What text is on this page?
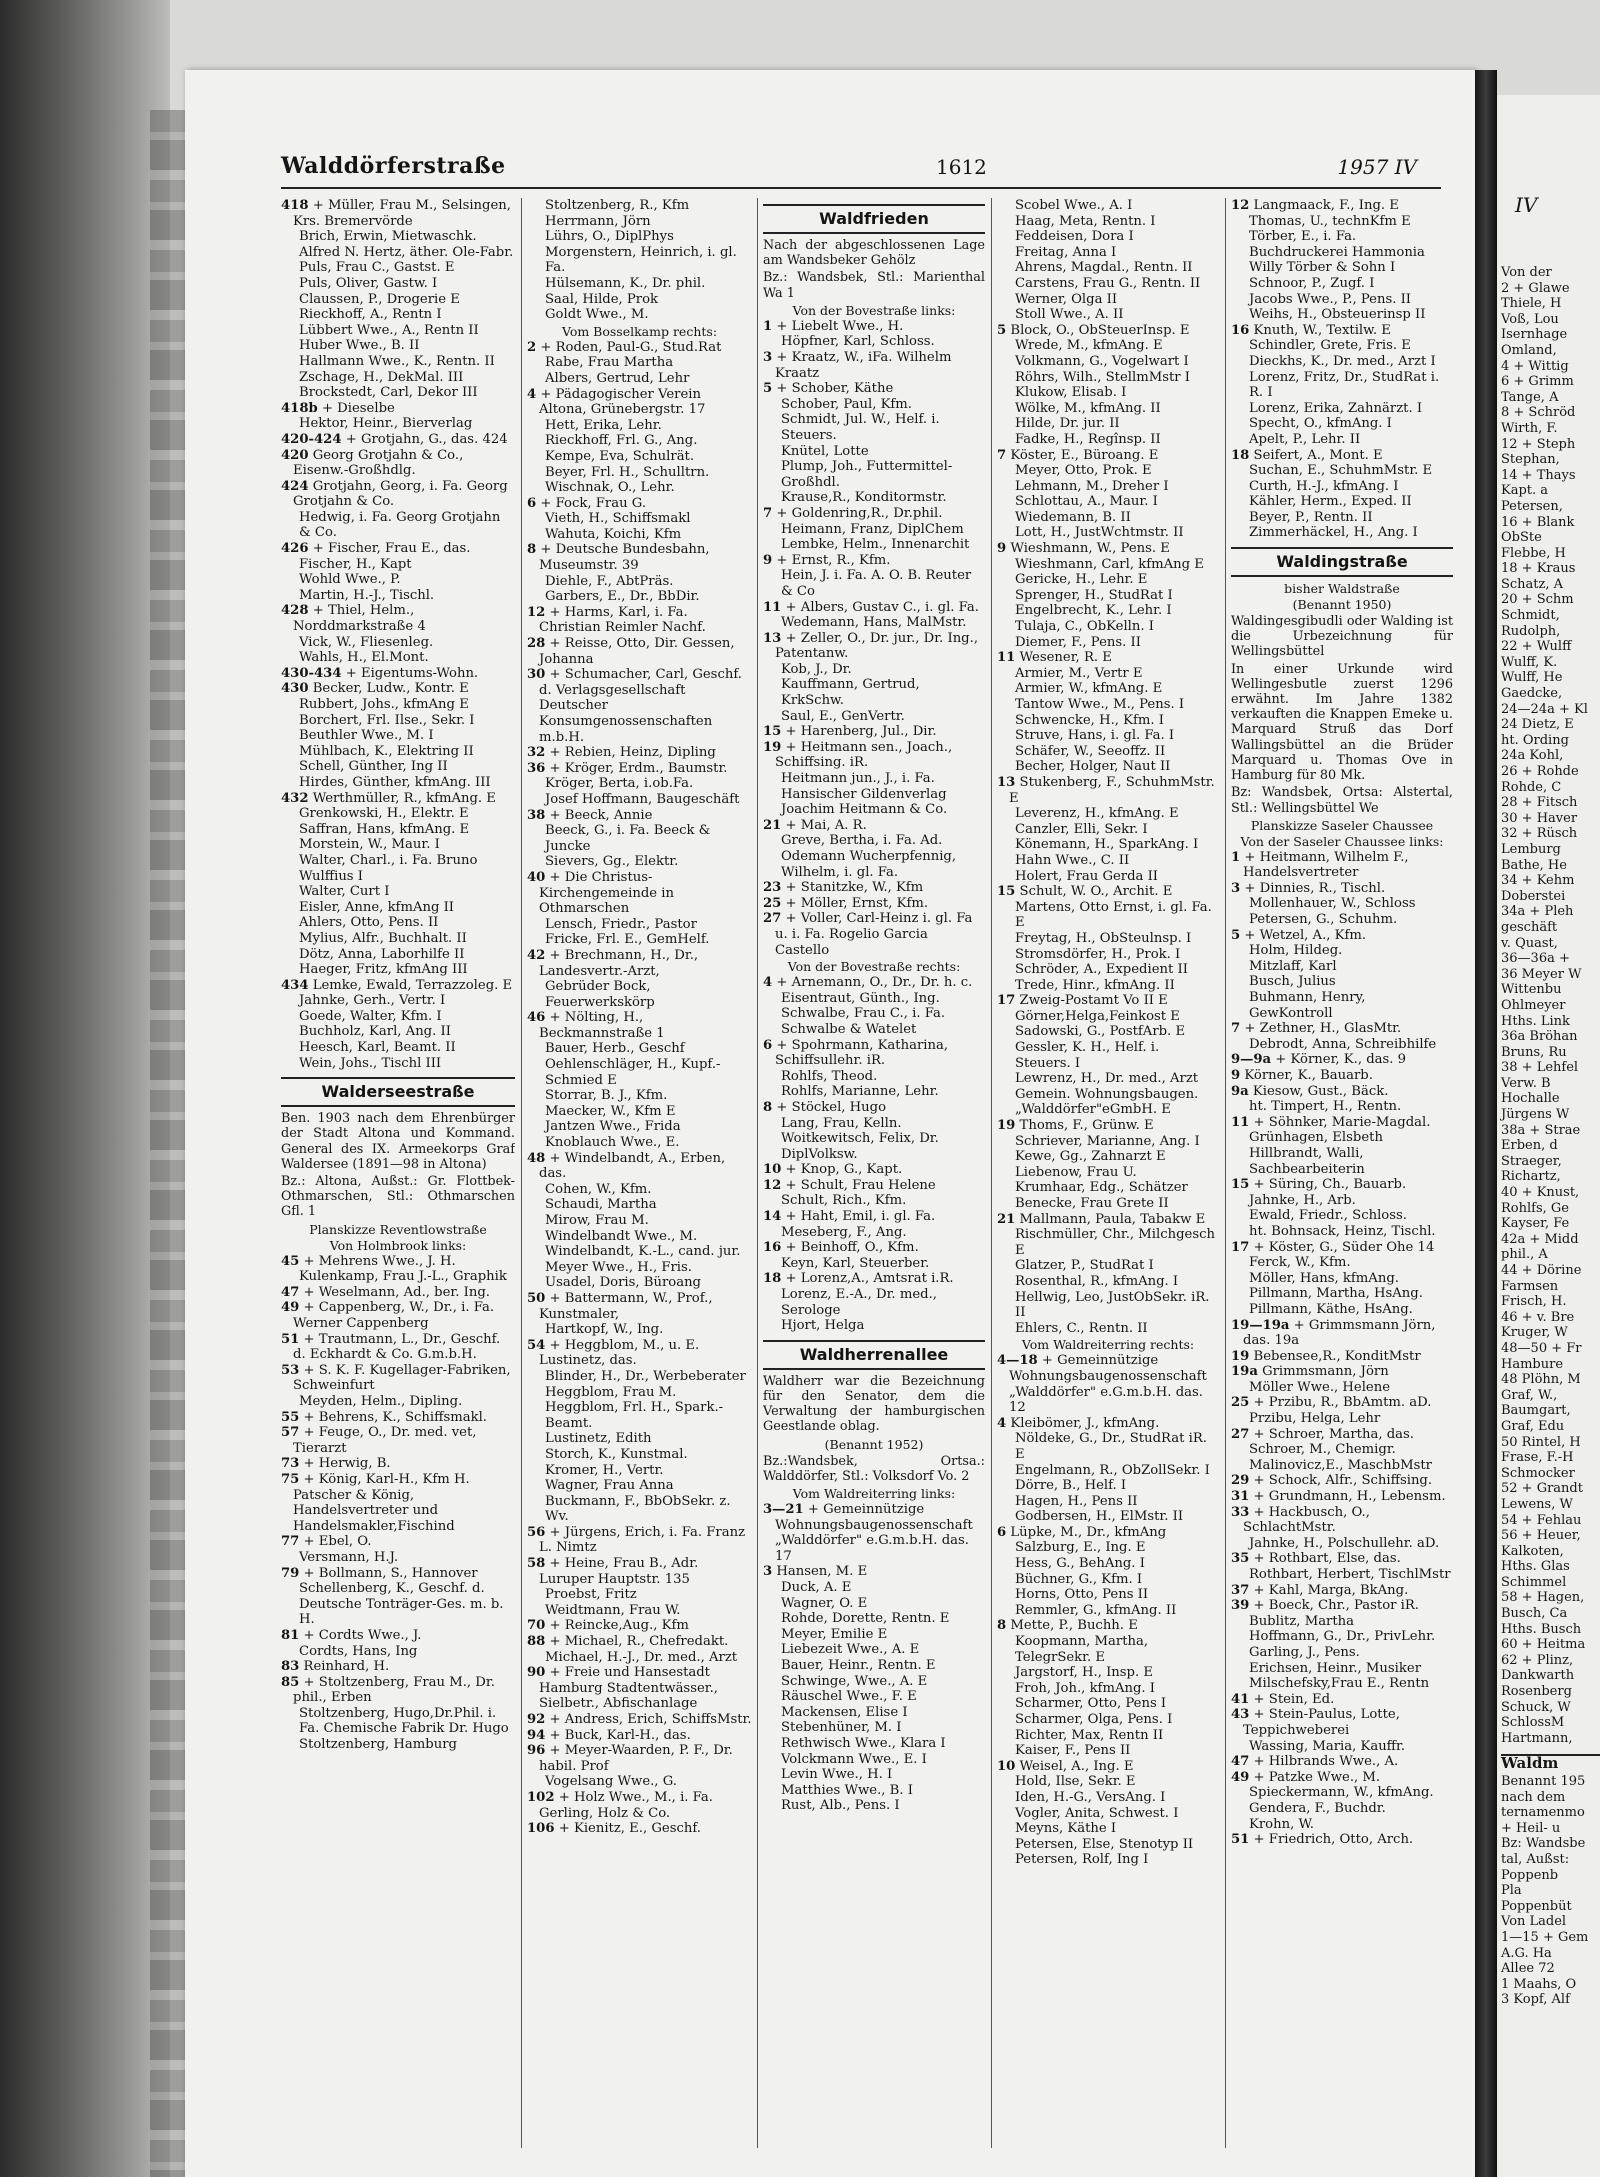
Walddörferstraße	1612	1957 IV
418 + Müller, Frau M., Selsingen, Krs. Bremervörde
Brich, Erwin, Mietwaschk.
Alfred N. Hertz, äther. Ole-Fabr.
Puls, Frau C., Gastst. E
Puls, Oliver, Gastw. I
Claussen, P., Drogerie E
Rieckhoff, A., Rentn I
Lübbert Wwe., A., Rentn II
Huber Wwe., B. II
Hallmann Wwe., K., Rentn. II
Zschage, H., DekMal. III
Brockstedt, Carl, Dekor III
418b + Dieselbe
Hektor, Heinr., Bierverlag
420-424 + Grotjahn, G., das. 424
420 Georg Grotjahn & Co., Eisenw.-Großhdlg.
424 Grotjahn, Georg, i. Fa. Georg Grotjahn & Co.
Hedwig, i. Fa. Georg Grotjahn & Co.
426 + Fischer, Frau E., das.
Fischer, H., Kapt
Wohld Wwe., P.
Martin, H.-J., Tischl.
428 + Thiel, Helm., Norddmarkstraße 4
Vick, W., Fliesenleg.
Wahls, H., El.Mont.
430-434 + Eigentums-Wohn.
430 Becker, Ludw., Kontr. E
Rubbert, Johs., kfmAng E
Borchert, Frl. Ilse., Sekr. I
Beuthler Wwe., M. I
Mühlbach, K., Elektring II
Schell, Günther, Ing II
Hirdes, Günther, kfmAng. III
432 Werthmüller, R., kfmAng. E
Grenkowski, H., Elektr. E
Saffran, Hans, kfmAng. E
Morstein, W., Maur. I
Walter, Charl., i. Fa. Bruno Wulffius I
Walter, Curt I
Eisler, Anne, kfmAng II
Ahlers, Otto, Pens. II
Mylius, Alfr., Buchhalt. II
Dötz, Anna, Laborhilfe II
Haeger, Fritz, kfmAng III
434 Lemke, Ewald, Terrazzoleg. E
Jahnke, Gerh., Vertr. I
Goede, Walter, Kfm. I
Buchholz, Karl, Ang. II
Heesch, Karl, Beamt. II
Wein, Johs., Tischl III
Walderseestraße
Ben. 1903 nach dem Ehrenbürger der Stadt Altona und Kommand. General des IX. Armeekorps Graf Waldersee (1891—98 in Altona)
Bz.: Altona, Außst.: Gr. Flottbek-Othmarschen, Stl.: Othmarschen Gfl. 1
Planskizze Reventlowstraße
Von Holmbrook links:
45 + Mehrens Wwe., J. H.
Kulenkamp, Frau J.-L., Graphik
47 + Weselmann, Ad., ber. Ing.
49 + Cappenberg, W., Dr., i. Fa. Werner Cappenberg
51 + Trautmann, L., Dr., Geschf. d. Eckhardt & Co. G.m.b.H.
53 + S. K. F. Kugellager-Fabriken, Schweinfurt
Meyden, Helm., Dipling.
55 + Behrens, K., Schiffsmakl.
57 + Feuge, O., Dr. med. vet, Tierarzt
73 + Herwig, B.
75 + König, Karl-H., Kfm H. Patscher & König, Handelsvertreter und Handelsmakler,Fischind
77 + Ebel, O.
Versmann, H.J.
79 + Bollmann, S., Hannover
Schellenberg, K., Geschf. d. Deutsche Tonträger-Ges. m. b. H.
81 + Cordts Wwe., J.
Cordts, Hans, Ing
83 Reinhard, H.
85 + Stoltzenberg, Frau M., Dr. phil., Erben
Stoltzenberg, Hugo,Dr.Phil. i. Fa. Chemische Fabrik Dr. Hugo Stoltzenberg, Hamburg
Stoltzenberg, R., Kfm
Herrmann, Jörn
Lührs, O., DiplPhys
Morgenstern, Heinrich, i. gl. Fa.
Hülsemann, K., Dr. phil.
Saal, Hilde, Prok
Goldt Wwe., M.
Vom Bosselkamp rechts:
2 + Roden, Paul-G., Stud.Rat
Rabe, Frau Martha
Albers, Gertrud, Lehr
4 + Pädagogischer Verein Altona, Grünebergstr. 17
Hett, Erika, Lehr.
Rieckhoff, Frl. G., Ang.
Kempe, Eva, Schulrät.
Beyer, Frl. H., Schulltrn.
Wischnak, O., Lehr.
6 + Fock, Frau G.
Vieth, H., Schiffsmakl
Wahuta, Koichi, Kfm
8 + Deutsche Bundesbahn, Museumstr. 39
Diehle, F., AbtPräs.
Garbers, E., Dr., BbDir.
12 + Harms, Karl, i. Fa. Christian Reimler Nachf.
28 + Reisse, Otto, Dir. Gessen, Johanna
30 + Schumacher, Carl, Geschf. d. Verlagsgesellschaft Deutscher Konsumgenossenschaften m.b.H.
32 + Rebien, Heinz, Dipling
36 + Kröger, Erdm., Baumstr.
Kröger, Berta, i.ob.Fa.
Josef Hoffmann, Baugeschäft
38 + Beeck, Annie
Beeck, G., i. Fa. Beeck & Juncke
Sievers, Gg., Elektr.
40 + Die Christus-Kirchengemeinde in Othmarschen
Lensch, Friedr., Pastor
Fricke, Frl. E., GemHelf.
42 + Brechmann, H., Dr., Landesvertr.-Arzt,
Gebrüder Bock, Feuerwerkskörp
46 + Nölting, H., Beckmannstraße 1
Bauer, Herb., Geschf
Oehlenschläger, H., Kupf.-Schmied E
Storrar, B. J., Kfm.
Maecker, W., Kfm E
Jantzen Wwe., Frida
Knoblauch Wwe., E.
48 + Windelbandt, A., Erben, das.
Cohen, W., Kfm.
Schaudi, Martha
Mirow, Frau M.
Windelbandt Wwe., M.
Windelbandt, K.-L., cand. jur.
Meyer Wwe., H., Fris.
Usadel, Doris, Büroang
50 + Battermann, W., Prof., Kunstmaler,
Hartkopf, W., Ing.
54 + Heggblom, M., u. E. Lustinetz, das.
Blinder, H., Dr., Werbeberater
Heggblom, Frau M.
Heggblom, Frl. H., Spark.-Beamt.
Lustinetz, Edith
Storch, K., Kunstmal.
Kromer, H., Vertr.
Wagner, Frau Anna
Buckmann, F., BbObSekr. z. Wv.
56 + Jürgens, Erich, i. Fa. Franz L. Nimtz
58 + Heine, Frau B., Adr. Luruper Hauptstr. 135
Proebst, Fritz
Weidtmann, Frau W.
70 + Reincke,Aug., Kfm
88 + Michael, R., Chefredakt.
Michael, H.-J., Dr. med., Arzt
90 + Freie und Hansestadt Hamburg Stadtentwässer., Sielbetr., Abfischanlage
92 + Andress, Erich, SchiffsMstr.
94 + Buck, Karl-H., das.
96 + Meyer-Waarden, P. F., Dr. habil. Prof
Vogelsang Wwe., G.
102 + Holz Wwe., M., i. Fa. Gerling, Holz & Co.
106 + Kienitz, E., Geschf.
Waldfrieden
Nach der abgeschlossenen Lage am Wandsbeker Gehölz
Bz.: Wandsbek, Stl.: Marienthal Wa 1
Von der Bovestraße links:
1 + Liebelt Wwe., H.
Höpfner, Karl, Schloss.
3 + Kraatz, W., iFa. Wilhelm Kraatz
5 + Schober, Käthe
Schober, Paul, Kfm.
Schmidt, Jul. W., Helf. i. Steuers.
Knütel, Lotte
Plump, Joh., Futtermittel-Großhdl.
Krause,R., Konditormstr.
7 + Goldenring,R., Dr.phil.
Heimann, Franz, DiplChem
Lembke, Helm., Innenarchit
9 + Ernst, R., Kfm.
Hein, J. i. Fa. A. O. B. Reuter & Co
11 + Albers, Gustav C., i. gl. Fa.
Wedemann, Hans, MalMstr.
13 + Zeller, O., Dr. jur., Dr. Ing., Patentanw.
Kob, J., Dr.
Kauffmann, Gertrud, KrkSchw.
Saul, E., GenVertr.
15 + Harenberg, Jul., Dir.
19 + Heitmann sen., Joach., Schiffsing. iR.
Heitmann jun., J., i. Fa. Hansischer Gildenverlag Joachim Heitmann & Co.
21 + Mai, A. R.
Greve, Bertha, i. Fa. Ad. Odemann Wucherpfennig, Wilhelm, i. gl. Fa.
23 + Stanitzke, W., Kfm
25 + Möller, Ernst, Kfm.
27 + Voller, Carl-Heinz i. gl. Fa u. i. Fa. Rogelio Garcia Castello
Von der Bovestraße rechts:
4 + Arnemann, O., Dr., Dr. h. c.
Eisentraut, Günth., Ing.
Schwalbe, Frau C., i. Fa. Schwalbe & Watelet
6 + Spohrmann, Katharina, Schiffsullehr. iR.
Rohlfs, Theod.
Rohlfs, Marianne, Lehr.
8 + Stöckel, Hugo
Lang, Frau, Kelln.
Woitkewitsch, Felix, Dr. DiplVolksw.
10 + Knop, G., Kapt.
12 + Schult, Frau Helene
Schult, Rich., Kfm.
14 + Haht, Emil, i. gl. Fa.
Meseberg, F., Ang.
16 + Beinhoff, O., Kfm.
Keyn, Karl, Steuerber.
18 + Lorenz,A., Amtsrat i.R.
Lorenz, E.-A., Dr. med., Serologe
Hjort, Helga
Waldherrenallee
Waldherr war die Bezeichnung für den Senator, dem die Verwaltung der hamburgischen Geestlande oblag.
(Benannt 1952)
Bz.:Wandsbek, Ortsa.: Walddörfer, Stl.: Volksdorf Vo. 2
Vom Waldreiterring links:
3—21 + Gemeinnützige Wohnungsbaugenossenschaft „Walddörfer" e.G.m.b.H. das. 17
3 Hansen, M. E
Duck, A. E
Wagner, O. E
Rohde, Dorette, Rentn. E
Meyer, Emilie E
Liebezeit Wwe., A. E
Bauer, Heinr., Rentn. E
Schwinge, Wwe., A. E
Räuschel Wwe., F. E
Mackensen, Elise I
Stebenhüner, M. I
Rethwisch Wwe., Klara I
Volckmann Wwe., E. I
Levin Wwe., H. I
Matthies Wwe., B. I
Rust, Alb., Pens. I
Scobel Wwe., A. I
Haag, Meta, Rentn. I
Feddeisen, Dora I
Freitag, Anna I
Ahrens, Magdal., Rentn. II
Carstens, Frau G., Rentn. II
Werner, Olga II
Stoll Wwe., A. II
5 Block, O., ObSteuerInsp. E
Wrede, M., kfmAng. E
Volkmann, G., Vogelwart I
Röhrs, Wilh., StellmMstr I
Klukow, Elisab. I
Wölke, M., kfmAng. II
Hilde, Dr. jur. II
Fadke, H., Regînsp. II
7 Köster, E., Büroang. E
Meyer, Otto, Prok. E
Lehmann, M., Dreher I
Schlottau, A., Maur. I
Wiedemann, B. II
Lott, H., JustWchtmstr. II
9 Wieshmann, W., Pens. E
Wieshmann, Carl, kfmAng E
Gericke, H., Lehr. E
Sprenger, H., StudRat I
Engelbrecht, K., Lehr. I
Tulaja, C., ObKelln. I
Diemer, F., Pens. II
11 Wesener, R. E
Armier, M., Vertr E
Armier, W., kfmAng. E
Tantow Wwe., M., Pens. I
Schwencke, H., Kfm. I
Struve, Hans, i. gl. Fa. I
Schäfer, W., Seeoffz. II
Becher, Holger, Naut II
13 Stukenberg, F., SchuhmMstr. E
Leverenz, H., kfmAng. E
Canzler, Elli, Sekr. I
Könemann, H., SparkAng. I
Hahn Wwe., C. II
Holert, Frau Gerda II
15 Schult, W. O., Archit. E
Martens, Otto Ernst, i. gl. Fa. E
Freytag, H., ObSteulnsp. I
Stromsdörfer, H., Prok. I
Schröder, A., Expedient II
Trede, Hinr., kfmAng. II
17 Zweig-Postamt Vo II E
Görner,Helga,Feinkost E
Sadowski, G., PostfArb. E
Gessler, K. H., Helf. i. Steuers. I
Lewrenz, H., Dr. med., Arzt
Gemein. Wohnungsbaugen. „Walddörfer"eGmbH. E
19 Thoms, F., Grünw. E
Schriever, Marianne, Ang. I
Kewe, Gg., Zahnarzt E
Liebenow, Frau U.
Krumhaar, Edg., Schätzer
Benecke, Frau Grete II
21 Mallmann, Paula, Tabakw E
Rischmüller, Chr., Milchgesch E
Glatzer, P., StudRat I
Rosenthal, R., kfmAng. I
Hellwig, Leo, JustObSekr. iR. II
Ehlers, C., Rentn. II
Vom Waldreiterring rechts:
4—18 + Gemeinnützige Wohnungsbaugenossenschaft „Walddörfer" e.G.m.b.H. das. 12
4 Kleibömer, J., kfmAng.
Nöldeke, G., Dr., StudRat iR. E
Engelmann, R., ObZollSekr. I
Dörre, B., Helf. I
Hagen, H., Pens II
Godbersen, H., ElMstr. II
6 Lüpke, M., Dr., kfmAng
Salzburg, E., Ing. E
Hess, G., BehAng. I
Büchner, G., Kfm. I
Horns, Otto, Pens II
Remmler, G., kfmAng. II
8 Mette, P., Buchh. E
Koopmann, Martha, TelegrSekr. E
Jargstorf, H., Insp. E
Froh, Joh., kfmAng. I
Scharmer, Otto, Pens I
Scharmer, Olga, Pens. I
Richter, Max, Rentn II
Kaiser, F., Pens II
10 Weisel, A., Ing. E
Hold, Ilse, Sekr. E
Iden, H.-G., VersAng. I
Vogler, Anita, Schwest. I
Meyns, Käthe I
Petersen, Else, Stenotyp II
Petersen, Rolf, Ing I
12 Langmaack, F., Ing. E
Thomas, U., technKfm E
Törber, E., i. Fa. Buchdruckerei Hammonia
Willy Törber & Sohn I
Schnoor, P., Zugf. I
Jacobs Wwe., P., Pens. II
Weihs, H., Obsteuerinsp II
16 Knuth, W., Textilw. E
Schindler, Grete, Fris. E
Dieckhs, K., Dr. med., Arzt I
Lorenz, Fritz, Dr., StudRat i. R. I
Lorenz, Erika, Zahnärzt. I
Specht, O., kfmAng. I
Apelt, P., Lehr. II
18 Seifert, A., Mont. E
Suchan, E., SchuhmMstr. E
Curth, H.-J., kfmAng. I
Kähler, Herm., Exped. II
Beyer, P., Rentn. II
Zimmerhäckel, H., Ang. I
Waldingstraße
bisher Waldstraße
(Benannt 1950)
Waldingesgibudli oder Walding ist die Urbezeichnung für Wellingsbüttel
In einer Urkunde wird Wellingesbutle zuerst 1296 erwähnt. Im Jahre 1382 verkauften die Knappen Emeke u. Marquard Struß das Dorf Wallingsbüttel an die Brüder Marquard u. Thomas Ove in Hamburg für 80 Mk.
Bz: Wandsbek, Ortsa: Alstertal, Stl.: Wellingsbüttel We
Planskizze Saseler Chaussee
Von der Saseler Chaussee links:
1 + Heitmann, Wilhelm F., Handelsvertreter
3 + Dinnies, R., Tischl.
Mollenhauer, W., Schloss
Petersen, G., Schuhm.
5 + Wetzel, A., Kfm.
Holm, Hildeg.
Mitzlaff, Karl
Busch, Julius
Buhmann, Henry, GewKontroll
7 + Zethner, H., GlasMtr.
Debrodt, Anna, Schreibhilfe
9—9a + Körner, K., das. 9
9 Körner, K., Bauarb.
9a Kiesow, Gust., Bäck.
ht. Timpert, H., Rentn.
11 + Söhnker, Marie-Magdal.
Grünhagen, Elsbeth
Hillbrandt, Walli, Sachbearbeiterin
15 + Süring, Ch., Bauarb.
Jahnke, H., Arb.
Ewald, Friedr., Schloss.
ht. Bohnsack, Heinz, Tischl.
17 + Köster, G., Süder Ohe 14
Ferck, W., Kfm.
Möller, Hans, kfmAng.
Pillmann, Martha, HsAng.
Pillmann, Käthe, HsAng.
19—19a + Grimmsmann Jörn, das. 19a
19 Bebensee,R., KonditMstr
19a Grimmsmann, Jörn
Möller Wwe., Helene
25 + Przibu, R., BbAmtm. aD.
Przibu, Helga, Lehr
27 + Schroer, Martha, das.
Schroer, M., Chemigr.
Malinovicz,E., MaschbMstr
29 + Schock, Alfr., Schiffsing.
31 + Grundmann, H., Lebensm.
33 + Hackbusch, O., SchlachtMstr.
Jahnke, H., Polschullehr. aD.
35 + Rothbart, Else, das.
Rothbart, Herbert, TischlMstr
37 + Kahl, Marga, BkAng.
39 + Boeck, Chr., Pastor iR.
Bublitz, Martha
Hoffmann, G., Dr., PrivLehr.
Garling, J., Pens.
Erichsen, Heinr., Musiker
Milschefsky,Frau E., Rentn
41 + Stein, Ed.
43 + Stein-Paulus, Lotte, Teppichweberei
Wassing, Maria, Kauffr.
47 + Hilbrands Wwe., A.
49 + Patzke Wwe., M.
Spieckermann, W., kfmAng.
Gendera, F., Buchdr.
Krohn, W.
51 + Friedrich, Otto, Arch.
IV
Von der
2 + Glawe
Thiele, H
Voß, Lou
Isernhage
Omland,
4 + Wittig
6 + Grimm
Tange, A
8 + Schröd
Wirth, F.
12 + Steph
Stephan,
14 + Thays
Kapt. a
Petersen,
16 + Blank
ObSte
Flebbe, H
18 + Kraus
Schatz, A
20 + Schm
Schmidt,
Rudolph,
22 + Wulff
Wulff, K.
Wulff, He
Gaedcke,
24—24a + Kl
24 Dietz, E
ht. Ording
24a Kohl,
26 + Rohde
Rohde, C
28 + Fitsch
30 + Haver
32 + Rüsch
Lemburg
Bathe, He
34 + Kehm
Doberstei
34a + Pleh
geschäft
v. Quast,
36—36a +
36 Meyer W
Wittenbu
Ohlmeyer
Hths. Link
36a Bröhan
Bruns, Ru
38 + Lehfel
Verw. B
Hochalle
Jürgens W
38a + Strae
Erben, d
Straeger,
Richartz,
40 + Knust,
Rohlfs, Ge
Kayser, Fe
42a + Midd
phil., A
44 + Dörine
Farmsen
Frisch, H.
46 + v. Bre
Kruger, W
48—50 + Fr
Hambure
48 Plöhn, M
Graf, W.,
Baumgart,
Graf, Edu
50 Rintel, H
Frase, F.-H
Schmocker
52 + Grandt
Lewens, W
54 + Fehlau
56 + Heuer,
Kalkoten,
Hths. Glas
Schimmel
58 + Hagen,
Busch, Ca
Hths. Busch
60 + Heitma
62 + Plinz,
Dankwarth
Rosenberg
Schuck, W
SchlossM
Hartmann,
Waldm
Benannt 195
nach dem
ternamenmo
+ Heil- u
Bz: Wandsbe
tal, Außst:
Poppenb
Pla
Poppenbüt
Von Ladel
1—15 + Gem
A.G. Ha
Allee 72
1 Maahs, O
3 Kopf, Alf
